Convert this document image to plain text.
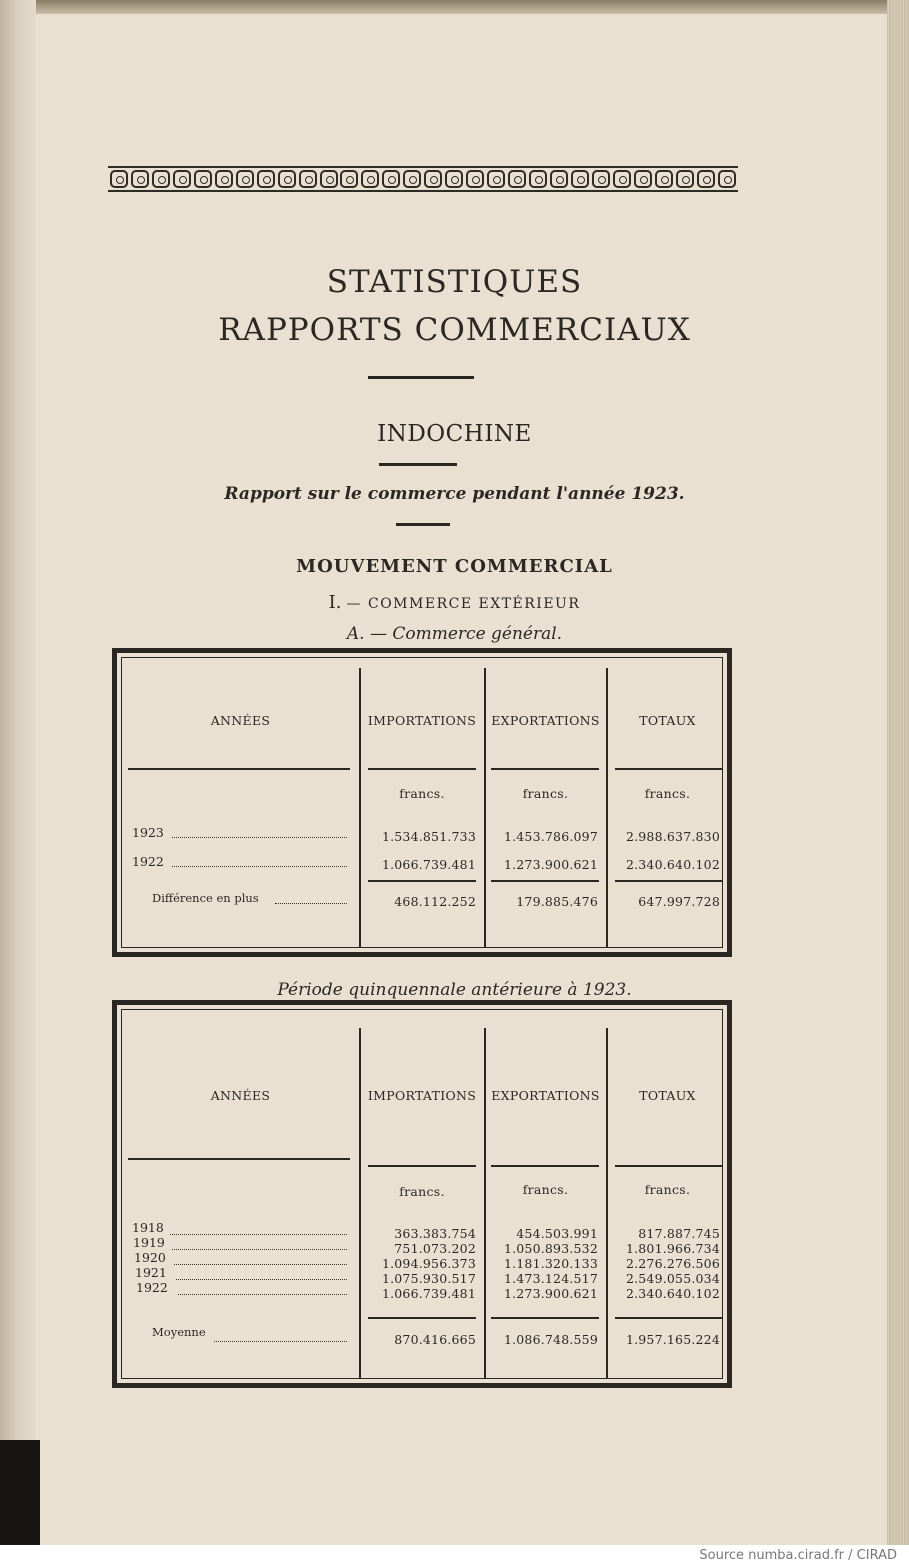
STATISTIQUES
RAPPORTS COMMERCIAUX
INDOCHINE
Rapport sur le commerce pendant l'année 1923.
MOUVEMENT COMMERCIAL
I. — COMMERCE EXTÉRIEUR
A. — Commerce général.
ANNÉES	IMPORTATIONS	EXPORTATIONS	TOTAUX
francs.	francs.	francs.
1923	1.534.851.733	1.453.786.097	2.988.637.830
1922	1.066.739.481	1.273.900.621	2.340.640.102
Différence en plus	468.112.252	179.885.476	647.997.728
Période quinquennale antérieure à 1923.
ANNÉES	IMPORTATIONS	EXPORTATIONS	TOTAUX
francs.	francs.	francs.
1918	363.383.754	454.503.991	817.887.745
1919	751.073.202	1.050.893.532	1.801.966.734
1920	1.094.956.373	1.181.320.133	2.276.276.506
1921	1.075.930.517	1.473.124.517	2.549.055.034
1922	1.066.739.481	1.273.900.621	2.340.640.102
Moyenne	870.416.665	1.086.748.559	1.957.165.224
Source numba.cirad.fr / CIRAD
